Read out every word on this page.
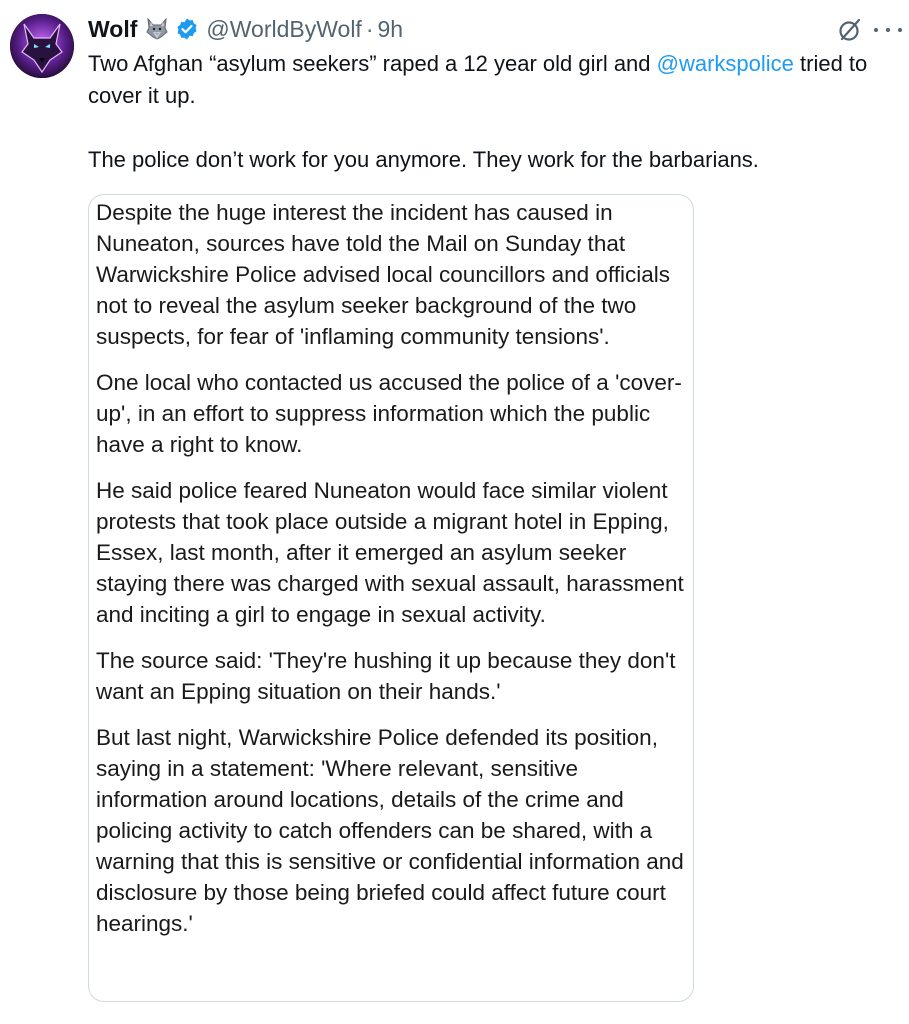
Wolf	@WorldByWolf · 9h

Two Afghan “asylum seekers” raped a 12 year old girl and @warkspolice tried to cover it up.

The police don’t work for you anymore. They work for the barbarians.

Despite the huge interest the incident has caused in Nuneaton, sources have told the Mail on Sunday that Warwickshire Police advised local councillors and officials not to reveal the asylum seeker background of the two suspects, for fear of 'inflaming community tensions'.

One local who contacted us accused the police of a 'cover-up', in an effort to suppress information which the public have a right to know.

He said police feared Nuneaton would face similar violent protests that took place outside a migrant hotel in Epping, Essex, last month, after it emerged an asylum seeker staying there was charged with sexual assault, harassment and inciting a girl to engage in sexual activity.

The source said: 'They're hushing it up because they don't want an Epping situation on their hands.'

But last night, Warwickshire Police defended its position, saying in a statement: 'Where relevant, sensitive information around locations, details of the crime and policing activity to catch offenders can be shared, with a warning that this is sensitive or confidential information and disclosure by those being briefed could affect future court hearings.'
